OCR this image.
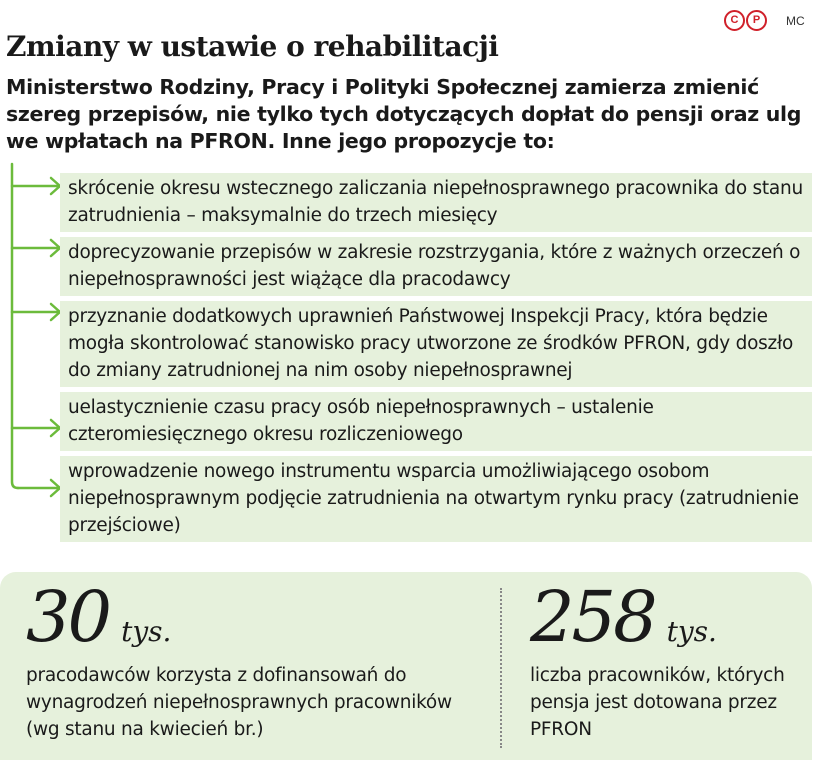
C	P	MC
Zmiany w ustawie o rehabilitacji

Ministerstwo Rodziny, Pracy i Polityki Społecznej zamierza zmienić szereg przepisów, nie tylko tych dotyczących dopłat do pensji oraz ulg we wpłatach na PFRON. Inne jego propozycje to:

skrócenie okresu wstecznego zaliczania niepełnosprawnego pracownika do stanu zatrudnienia – maksymalnie do trzech miesięcy
doprecyzowanie przepisów w zakresie rozstrzygania, które z ważnych orzeczeń o niepełnosprawności jest wiążące dla pracodawcy
przyznanie dodatkowych uprawnień Państwowej Inspekcji Pracy, która będzie mogła skontrolować stanowisko pracy utworzone ze środków PFRON, gdy doszło do zmiany zatrudnionej na nim osoby niepełnosprawnej
uelastycznienie czasu pracy osób niepełnosprawnych – ustalenie czteromiesięcznego okresu rozliczeniowego
wprowadzenie nowego instrumentu wsparcia umożliwiającego osobom niepełnosprawnym podjęcie zatrudnienia na otwartym rynku pracy (zatrudnienie przejściowe)
30 tys.
pracodawców korzysta z dofinansowań do wynagrodzeń niepełnosprawnych pracowników (wg stanu na kwiecień br.)
258 tys.
liczba pracowników, których pensja jest dotowana przez PFRON
